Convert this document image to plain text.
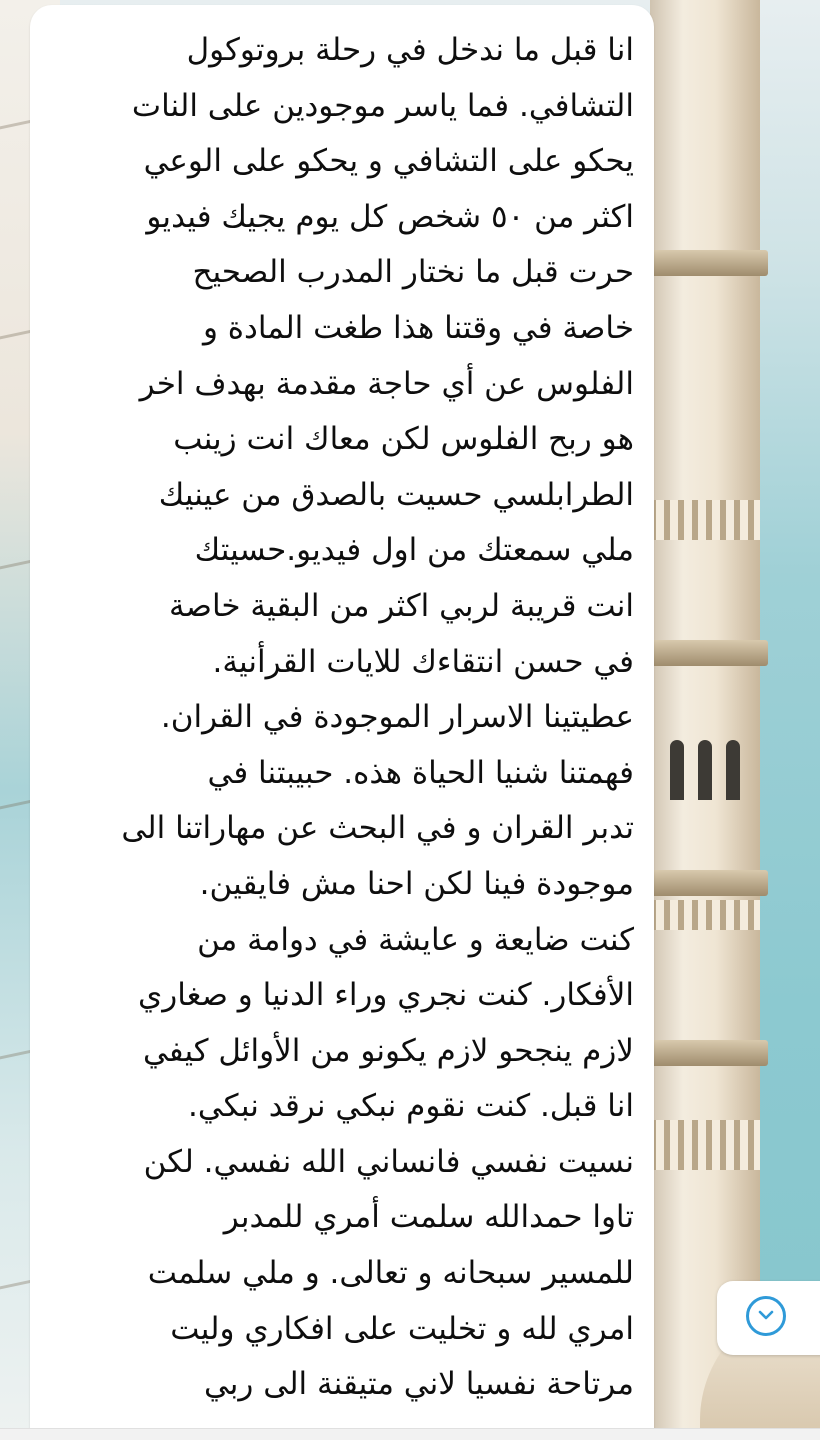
انا قبل ما ندخل في رحلة بروتوكول
التشافي. فما ياسر موجودين على النات
يحكو على التشافي و يحكو على الوعي
اكثر من ٥٠ شخص كل يوم يجيك فيديو
حرت قبل ما نختار المدرب الصحيح
خاصة في وقتنا هذا طغت المادة و
الفلوس عن أي حاجة مقدمة بهدف اخر
هو ربح الفلوس لكن معاك انت زينب
الطرابلسي حسيت بالصدق من عينيك
ملي سمعتك من اول فيديو.حسيتك
انت قريبة لربي اكثر من البقية خاصة
في حسن انتقاءك للايات القرأنية.
عطيتينا الاسرار الموجودة في القران.
فهمتنا شنيا الحياة هذه. حبيبتنا في
تدبر القران و في البحث عن مهاراتنا الى
موجودة فينا لكن احنا مش فايقين.
كنت ضايعة و عايشة في دوامة من
الأفكار. كنت نجري وراء الدنيا و صغاري
لازم ينجحو لازم يكونو من الأوائل كيفي
انا قبل. كنت نقوم نبكي نرقد نبكي.
نسيت نفسي فانساني الله نفسي. لكن
تاوا حمدالله سلمت أمري للمدبر
للمسير سبحانه و تعالى. و ملي سلمت
امري لله و تخليت على افكاري وليت
مرتاحة نفسيا لاني متيقنة الى ربي
